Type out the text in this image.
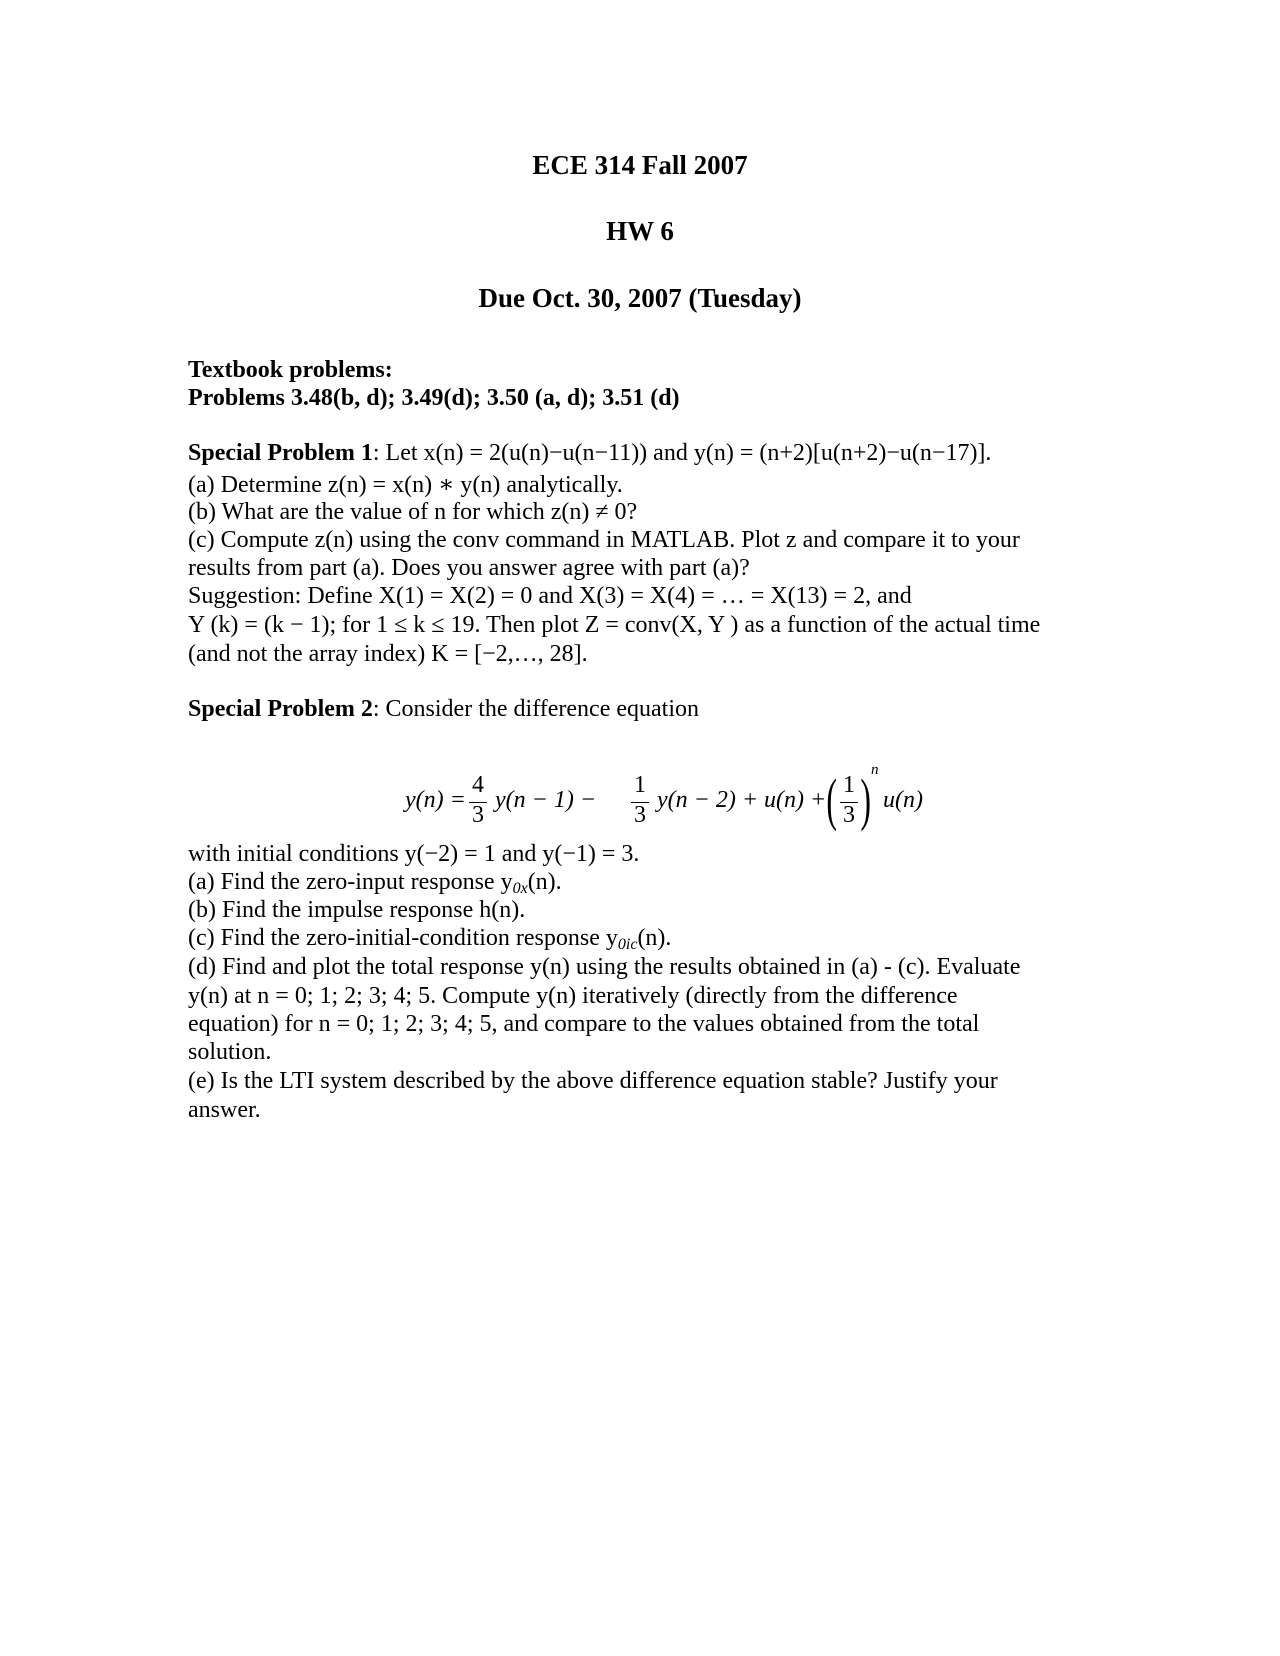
ECE 314 Fall 2007
HW 6
Due Oct. 30, 2007 (Tuesday)
Textbook problems:
Problems 3.48(b, d); 3.49(d); 3.50 (a, d); 3.51 (d)
Special Problem 1: Let x(n) = 2(u(n)−u(n−11)) and y(n) = (n+2)[u(n+2)−u(n−17)].
(a) Determine z(n) = x(n) ∗ y(n) analytically.
(b) What are the value of n for which z(n) ≠ 0?
(c) Compute z(n) using the conv command in MATLAB. Plot z and compare it to your
results from part (a). Does you answer agree with part (a)?
Suggestion: Define X(1) = X(2) = 0 and X(3) = X(4) = … = X(13) = 2, and
Y (k) = (k − 1); for 1 ≤ k ≤ 19. Then plot Z = conv(X, Y ) as a function of the actual time
(and not the array index) K = [−2,…, 28].
Special Problem 2: Consider the difference equation
y(n) =
4
3
y(n − 1) −
1
3
y(n − 2) + u(n) + ( 1
3 ) n
u(n)
with initial conditions y(−2) = 1 and y(−1) = 3.
(a) Find the zero-input response $y_{0x}(n)$.
(b) Find the impulse response h(n).
(c) Find the zero-initial-condition response $y_{0ic}(n)$.
(d) Find and plot the total response y(n) using the results obtained in (a) - (c). Evaluate
y(n) at n = 0; 1; 2; 3; 4; 5. Compute y(n) iteratively (directly from the difference
equation) for n = 0; 1; 2; 3; 4; 5, and compare to the values obtained from the total
solution.
(e) Is the LTI system described by the above difference equation stable? Justify your
answer.
